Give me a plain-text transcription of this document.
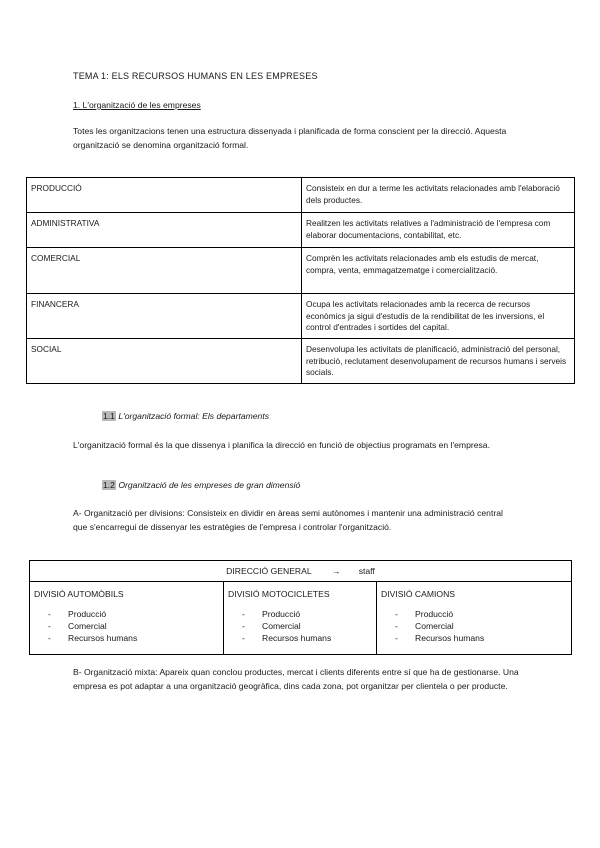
TEMA 1: ELS RECURSOS HUMANS EN LES EMPRESES
1. L'organització de les empreses
Totes les organitzacions tenen una estructura dissenyada i planificada de forma conscient per la direcció. Aquesta organització se denomina organització formal.
PRODUCCIÓ	Consisteix en dur a terme les activitats relacionades amb l'elaboració dels productes.
ADMINISTRATIVA	Realitzen les activitats relatives a l'administració de l'empresa com elaborar documentacions, contabilitat, etc.
COMERCIAL	Comprèn les activitats relacionades amb els estudis de mercat, compra, venta, emmagatzematge i comercialització.
FINANCERA	Ocupa les activitats relacionades amb la recerca de recursos econòmics ja sigui d'estudis de la rendibilitat de les inversions, el control d'entrades i sortides del capital.
SOCIAL	Desenvolupa les activitats de planificació, administració del personal, retribució, reclutament desenvolupament de recursos humans i serveis socials.
1.1 L'organització formal: Els departaments
L'organització formal és la que dissenya i planifica la direcció en funció de objectius programats en l'empresa.
1.2 Organització de les empreses de gran dimensió
A- Organització per divisions: Consisteix en dividir en àreas semi autònomes i mantenir una administració central que s'encarregui de dissenyar les estratègies de l'empresa i controlar l'organització.
DIRECCIÓ GENERAL → staff
DIVISIÓ AUTOMÒBILS
- Producció
- Comercial
- Recursos humans
DIVISIÓ MOTOCICLETES
- Producció
- Comercial
- Recursos humans
DIVISIÓ CAMIONS
- Producció
- Comercial
- Recursos humans
B- Organització mixta: Apareix quan conclou productes, mercat i clients diferents entre sí que ha de gestionarse. Una empresa es pot adaptar a una organització geogràfica, dins cada zona, pot organitzar per clientela o per producte.
